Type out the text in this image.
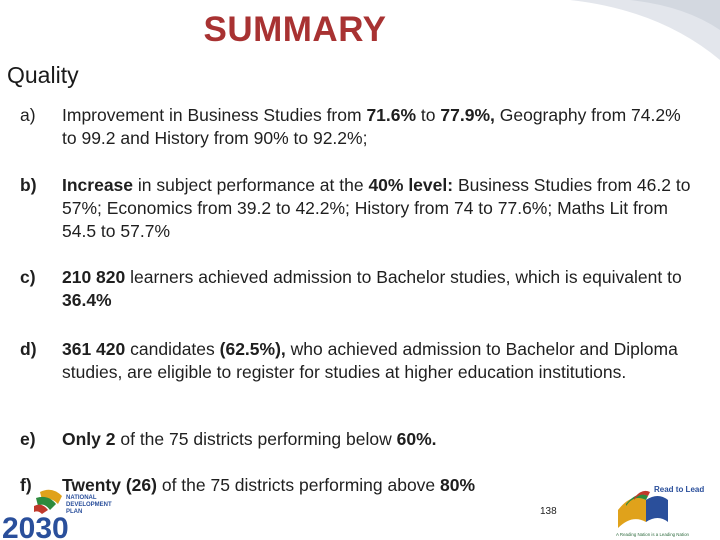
SUMMARY
Quality
a)	Improvement in Business Studies from 71.6% to 77.9%, Geography from 74.2% to 99.2 and History from 90% to 92.2%;
b)	Increase in subject performance at the 40% level: Business Studies from 46.2 to 57%; Economics from 39.2 to 42.2%; History from 74 to 77.6%; Maths Lit from 54.5 to 57.7%
c)	210 820 learners achieved admission to Bachelor studies, which is equivalent to 36.4%
d)	361 420 candidates (62.5%), who achieved admission to Bachelor and Diploma studies, are eligible to register for studies at higher education institutions.
e)	Only 2 of the 75 districts performing below 60%.
f)	Twenty (26) of the 75 districts performing above 80%
NATIONAL
DEVELOPMENT
PLAN
2030
138
Read to Lead
A Reading Nation is a Leading Nation
